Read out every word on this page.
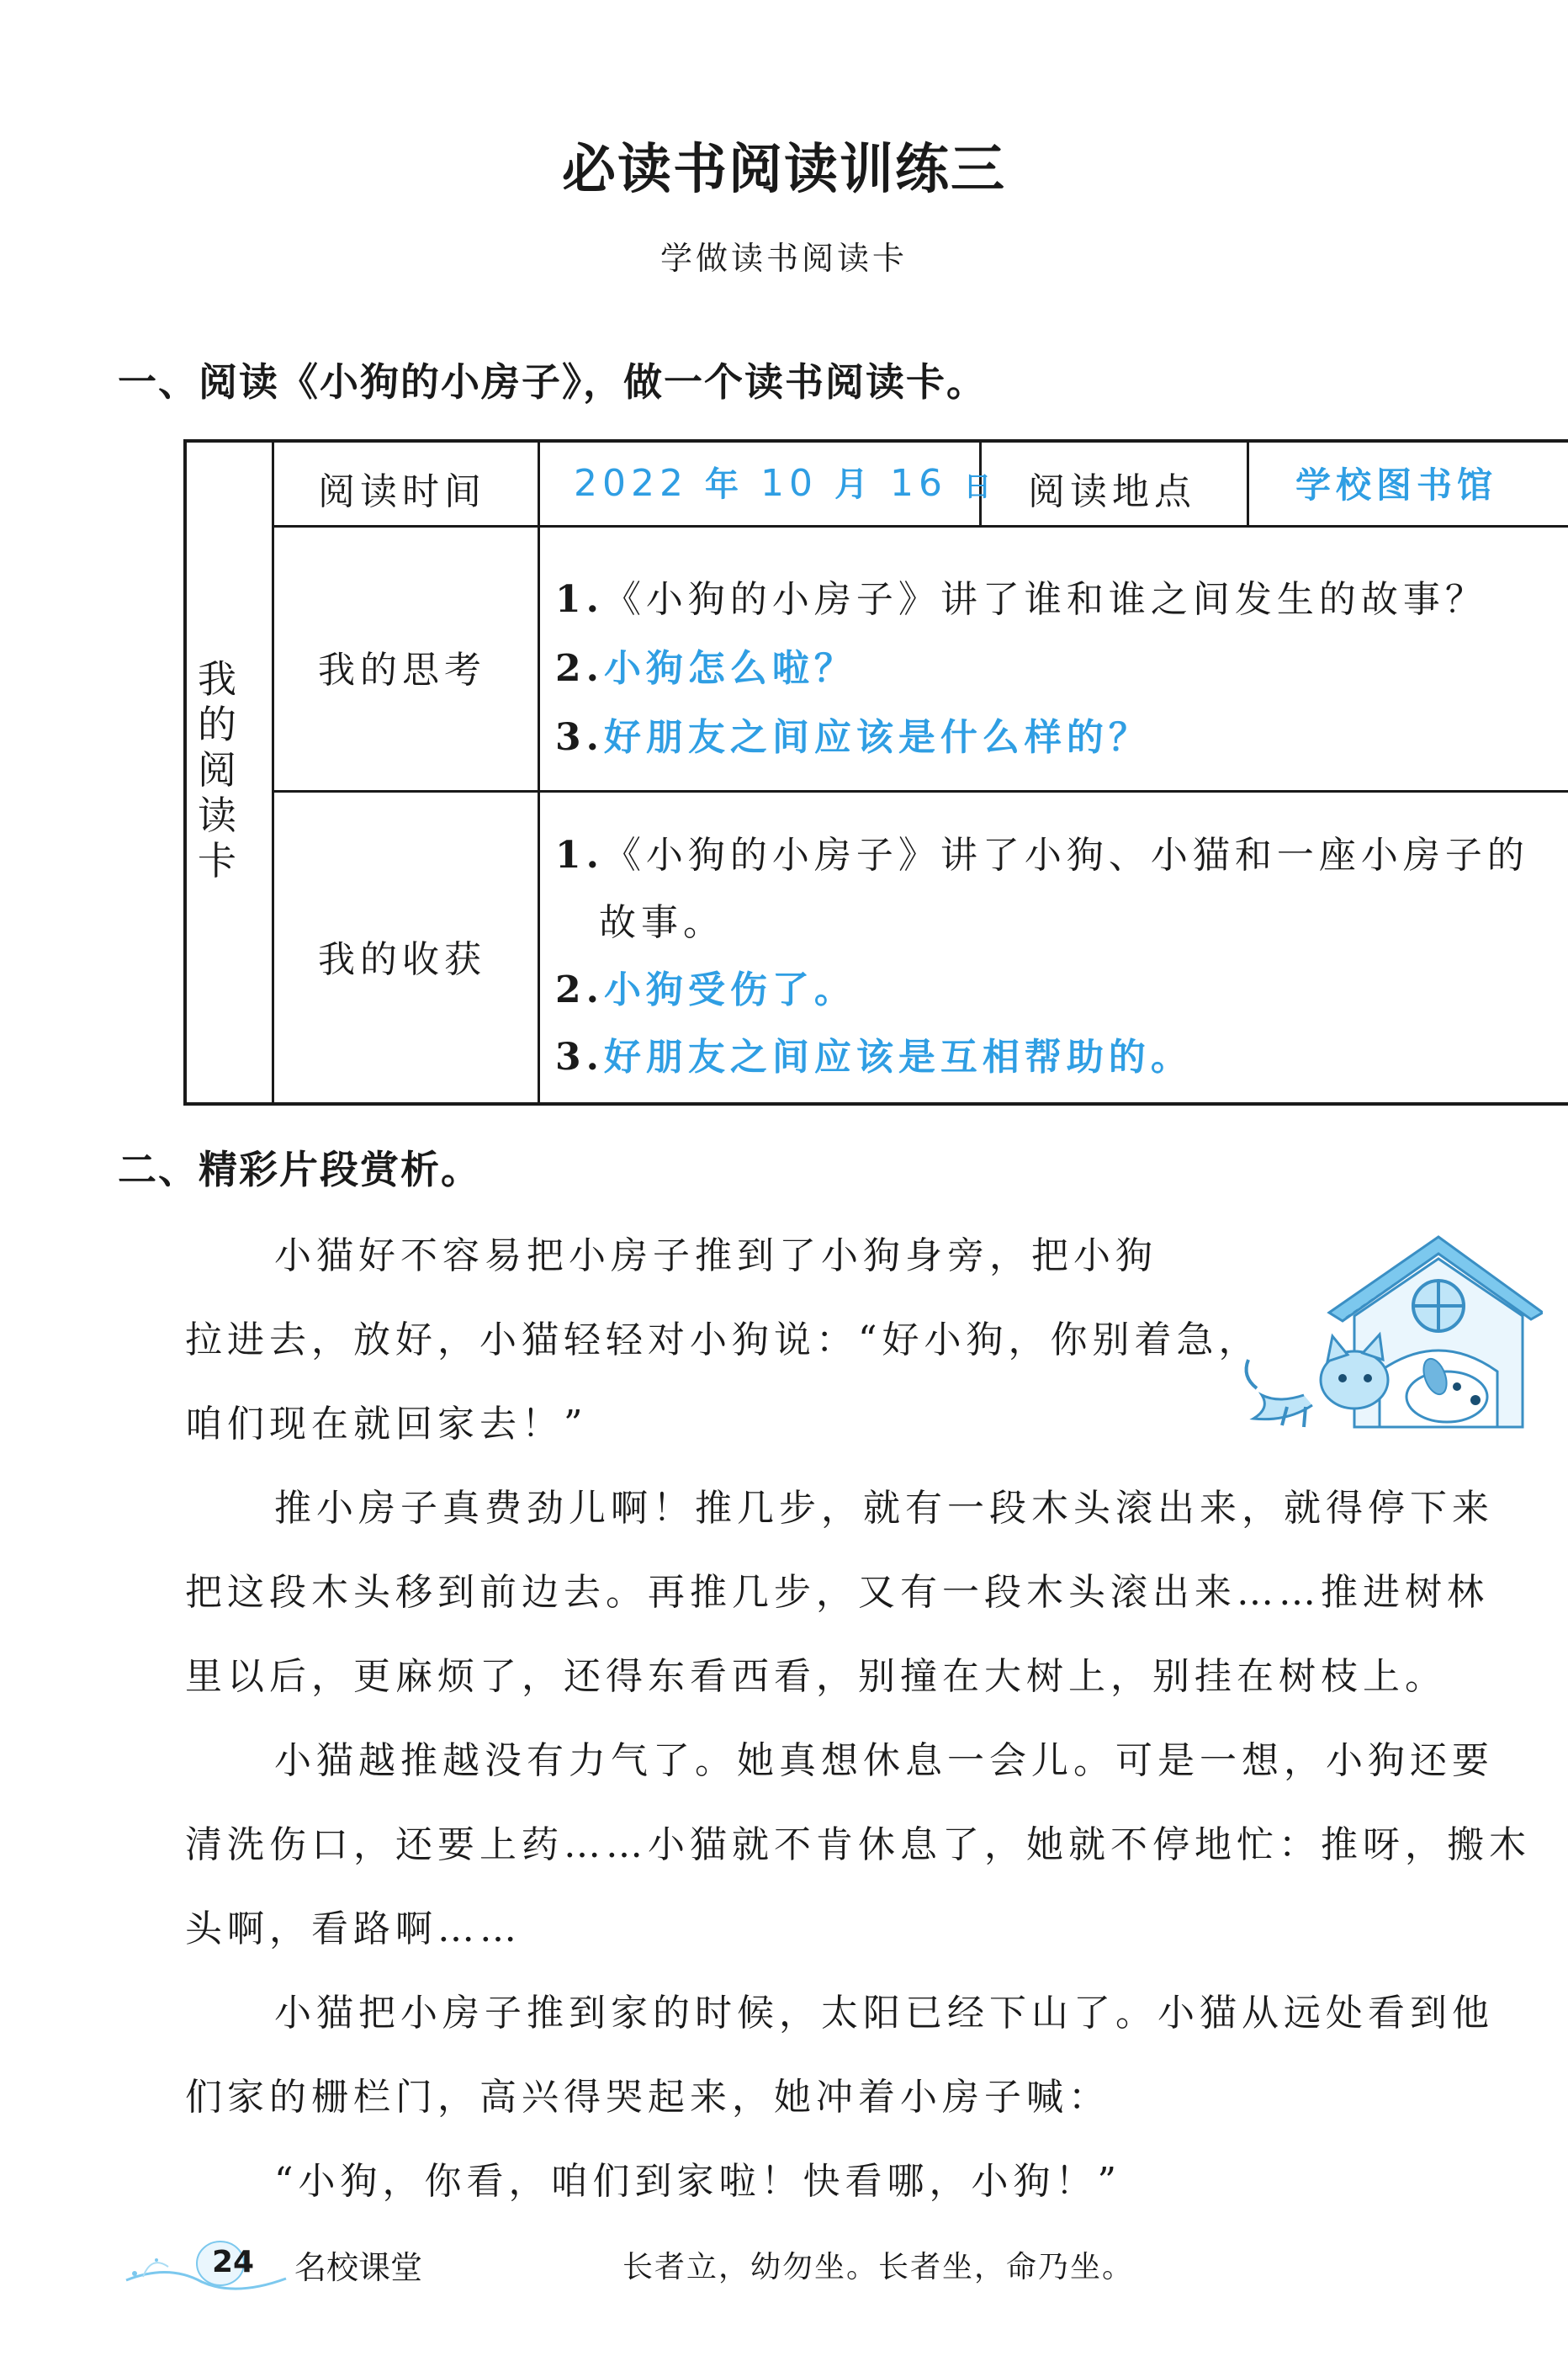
必读书阅读训练三
学做读书阅读卡
一、阅读《小狗的小房子》，做一个读书阅读卡。
我
的
阅
读
卡
阅读时间 2022 年 10 月 16 日 阅读地点	学校图书馆
我的思考
1.《小狗的小房子》讲了谁和谁之间发生的故事？
2.小狗怎么啦？
3.好朋友之间应该是什么样的？
我的收获
1.《小狗的小房子》讲了小狗、小猫和一座小房子的
故事。
2.小狗受伤了。
3.好朋友之间应该是互相帮助的。
二、精彩片段赏析。
小猫好不容易把小房子推到了小狗身旁，把小狗
拉进去，放好，小猫轻轻对小狗说：“好小狗，你别着急，
咱们现在就回家去！”
推小房子真费劲儿啊！推几步，就有一段木头滚出来，就得停下来
把这段木头移到前边去。再推几步，又有一段木头滚出来……推进树林
里以后，更麻烦了，还得东看西看，别撞在大树上，别挂在树枝上。
小猫越推越没有力气了。她真想休息一会儿。可是一想，小狗还要
清洗伤口，还要上药……小猫就不肯休息了，她就不停地忙：推呀，搬木
头啊，看路啊……
小猫把小房子推到家的时候，太阳已经下山了。小猫从远处看到他
们家的栅栏门，高兴得哭起来，她冲着小房子喊：
“小狗，你看，咱们到家啦！快看哪，小狗！”
24 名校课堂	长者立，幼勿坐。长者坐，命乃坐。
